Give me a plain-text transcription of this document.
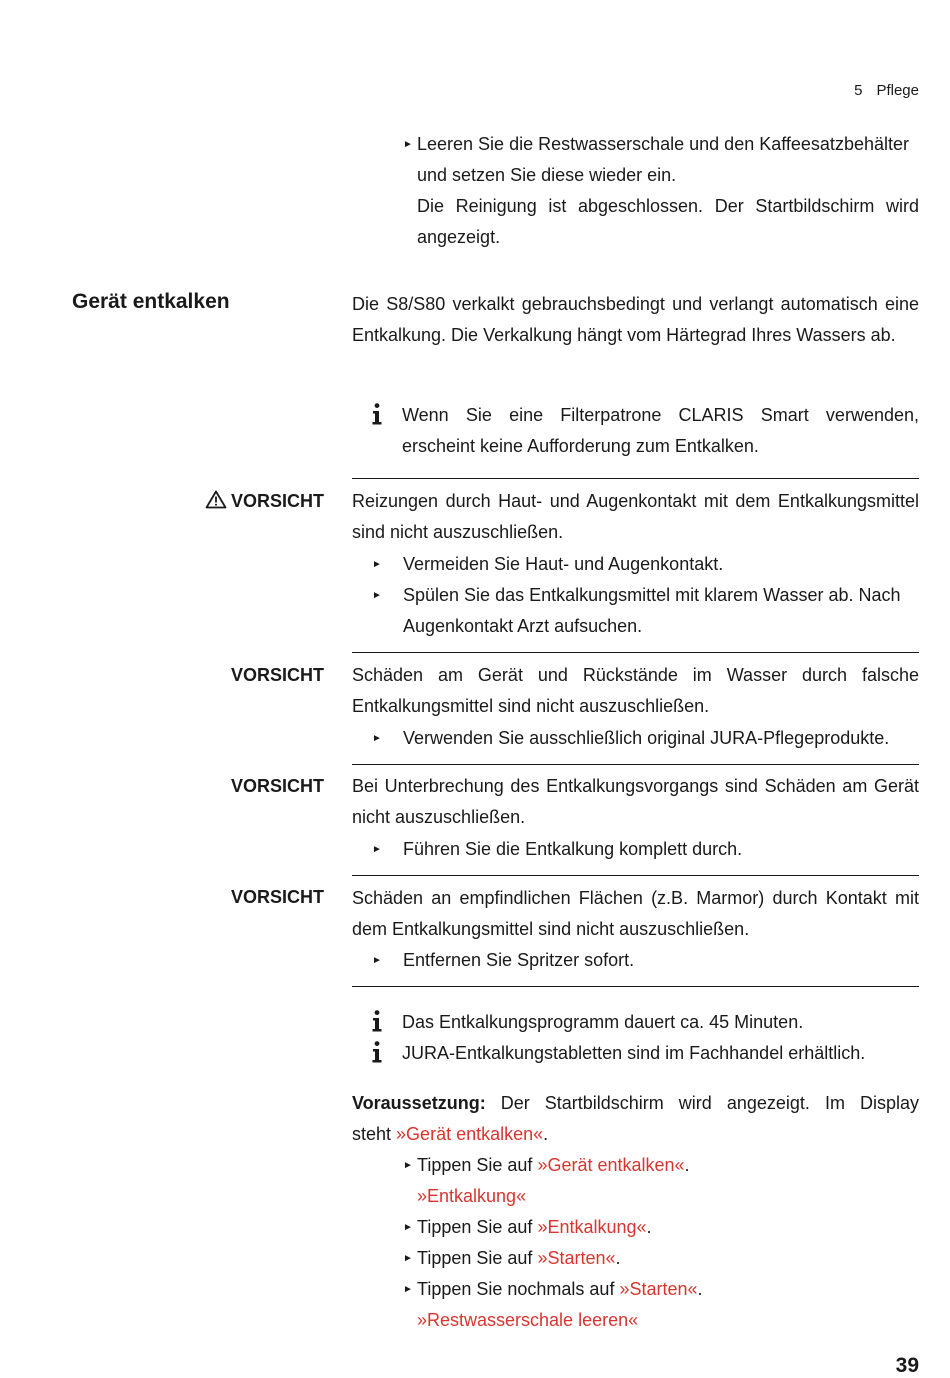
5 Pflege
► Leeren Sie die Restwasserschale und den Kaffeesatzbehälter
und setzen Sie diese wieder ein.
Die Reinigung ist abgeschlossen. Der Startbildschirm wird angezeigt.
Gerät entkalken	Die S8/S80 verkalkt gebrauchsbedingt und verlangt automatisch eine Entkalkung. Die Verkalkung hängt vom Härtegrad Ihres Wassers ab.
Wenn Sie eine Filterpatrone CLARIS Smart verwenden, erscheint keine Aufforderung zum Entkalken.
VORSICHT Reizungen durch Haut- und Augenkontakt mit dem Entkalkungsmittel sind nicht auszuschließen.
► Vermeiden Sie Haut- und Augenkontakt.
► Spülen Sie das Entkalkungsmittel mit klarem Wasser ab. Nach Augenkontakt Arzt aufsuchen.
VORSICHT Schäden am Gerät und Rückstände im Wasser durch falsche Entkalkungsmittel sind nicht auszuschließen.
► Verwenden Sie ausschließlich original JURA-Pflegeprodukte.
VORSICHT Bei Unterbrechung des Entkalkungsvorgangs sind Schäden am Gerät nicht auszuschließen.
► Führen Sie die Entkalkung komplett durch.
VORSICHT Schäden an empfindlichen Flächen (z.B. Marmor) durch Kontakt mit dem Entkalkungsmittel sind nicht auszuschließen.
► Entfernen Sie Spritzer sofort.
Das Entkalkungsprogramm dauert ca. 45 Minuten.
JURA-Entkalkungstabletten sind im Fachhandel erhältlich.
Voraussetzung: Der Startbildschirm wird angezeigt. Im Display
steht »Gerät entkalken«.
► Tippen Sie auf »Gerät entkalken«.
»Entkalkung«
► Tippen Sie auf »Entkalkung«.
► Tippen Sie auf »Starten«.
► Tippen Sie nochmals auf »Starten«.
»Restwasserschale leeren«
39
